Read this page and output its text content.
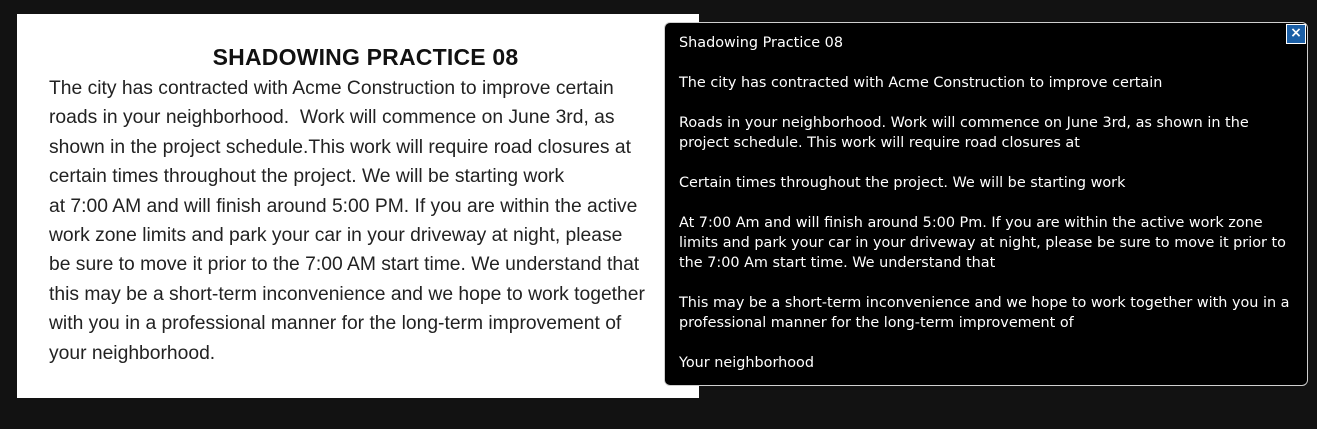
SHADOWING PRACTICE 08
The city has contracted with Acme Construction to improve certain
roads in your neighborhood.  Work will commence on June 3rd, as
shown in the project schedule.This work will require road closures at
certain times throughout the project. We will be starting work
at 7:00 AM and will finish around 5:00 PM. If you are within the active
work zone limits and park your car in your driveway at night, please
be sure to move it prior to the 7:00 AM start time. We understand that
this may be a short-term inconvenience and we hope to work together
with you in a professional manner for the long-term improvement of
your neighborhood.
×

Shadowing Practice 08

The city has contracted with Acme Construction to improve certain

Roads in your neighborhood. Work will commence on June 3rd, as shown in the project schedule. This work will require road closures at

Certain times throughout the project. We will be starting work

At 7:00 Am and will finish around 5:00 Pm. If you are within the active work zone limits and park your car in your driveway at night, please be sure to move it prior to the 7:00 Am start time. We understand that

This may be a short-term inconvenience and we hope to work together with you in a professional manner for the long-term improvement of

Your neighborhood
